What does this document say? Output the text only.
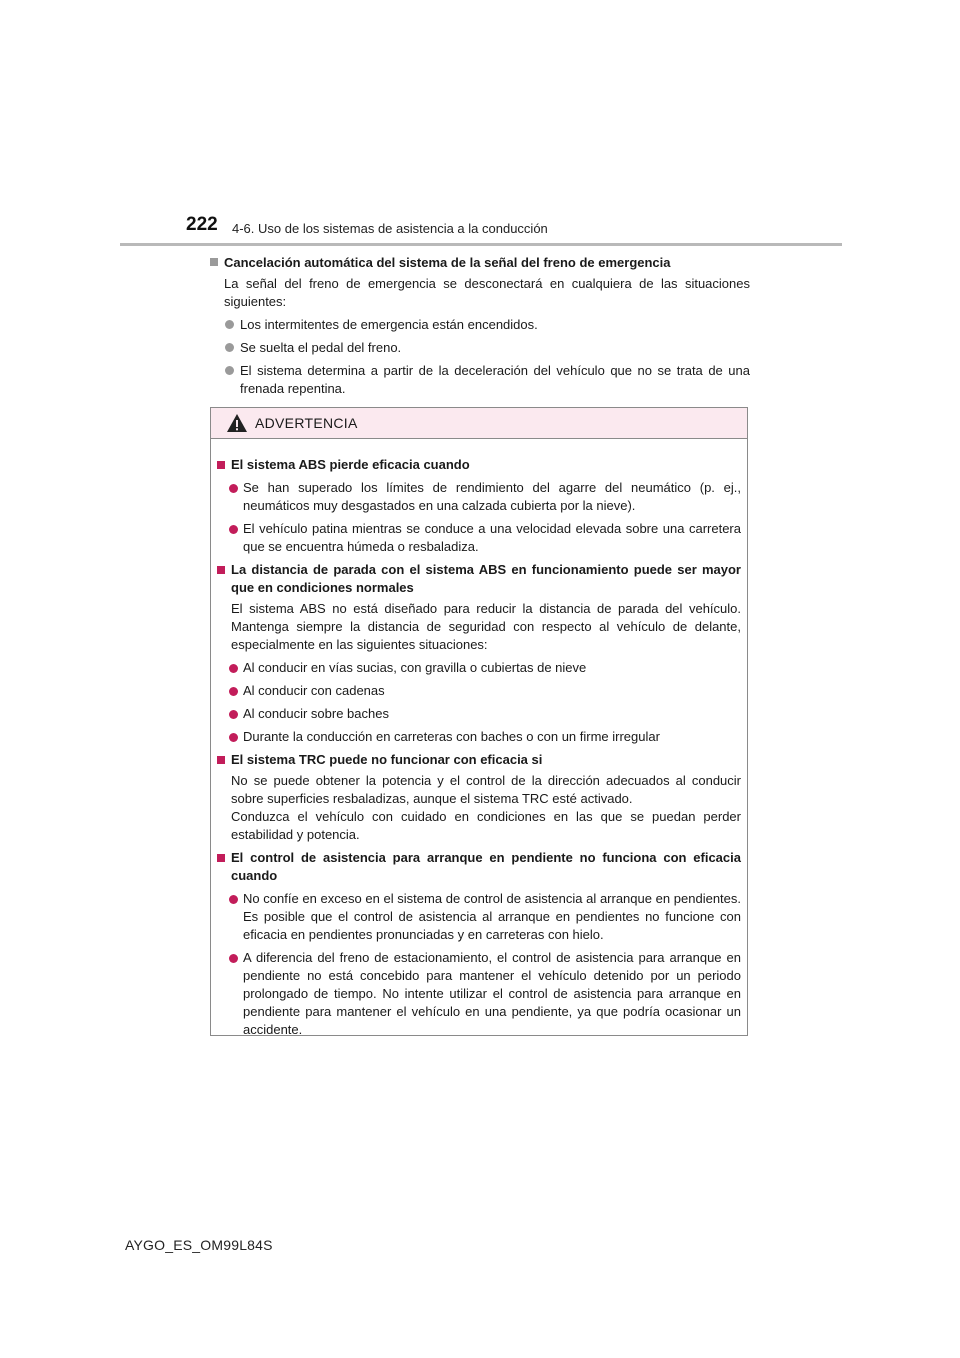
222 4-6. Uso de los sistemas de asistencia a la conducción
Cancelación automática del sistema de la señal del freno de emergencia
La señal del freno de emergencia se desconectará en cualquiera de las situaciones siguientes:
Los intermitentes de emergencia están encendidos.
Se suelta el pedal del freno.
El sistema determina a partir de la deceleración del vehículo que no se trata de una frenada repentina.
ADVERTENCIA
El sistema ABS pierde eficacia cuando
Se han superado los límites de rendimiento del agarre del neumático (p. ej., neumáticos muy desgastados en una calzada cubierta por la nieve).
El vehículo patina mientras se conduce a una velocidad elevada sobre una carretera que se encuentra húmeda o resbaladiza.
La distancia de parada con el sistema ABS en funcionamiento puede ser mayor que en condiciones normales
El sistema ABS no está diseñado para reducir la distancia de parada del vehículo. Mantenga siempre la distancia de seguridad con respecto al vehículo de delante, especialmente en las siguientes situaciones:
Al conducir en vías sucias, con gravilla o cubiertas de nieve
Al conducir con cadenas
Al conducir sobre baches
Durante la conducción en carreteras con baches o con un firme irregular
El sistema TRC puede no funcionar con eficacia si
No se puede obtener la potencia y el control de la dirección adecuados al conducir sobre superficies resbaladizas, aunque el sistema TRC esté activado.
Conduzca el vehículo con cuidado en condiciones en las que se puedan perder estabilidad y potencia.
El control de asistencia para arranque en pendiente no funciona con eficacia cuando
No confíe en exceso en el sistema de control de asistencia al arranque en pendientes. Es posible que el control de asistencia al arranque en pendientes no funcione con eficacia en pendientes pronunciadas y en carreteras con hielo.
A diferencia del freno de estacionamiento, el control de asistencia para arranque en pendiente no está concebido para mantener el vehículo detenido por un periodo prolongado de tiempo. No intente utilizar el control de asistencia para arranque en pendiente para mantener el vehículo en una pendiente, ya que podría ocasionar un accidente.
AYGO_ES_OM99L84S
